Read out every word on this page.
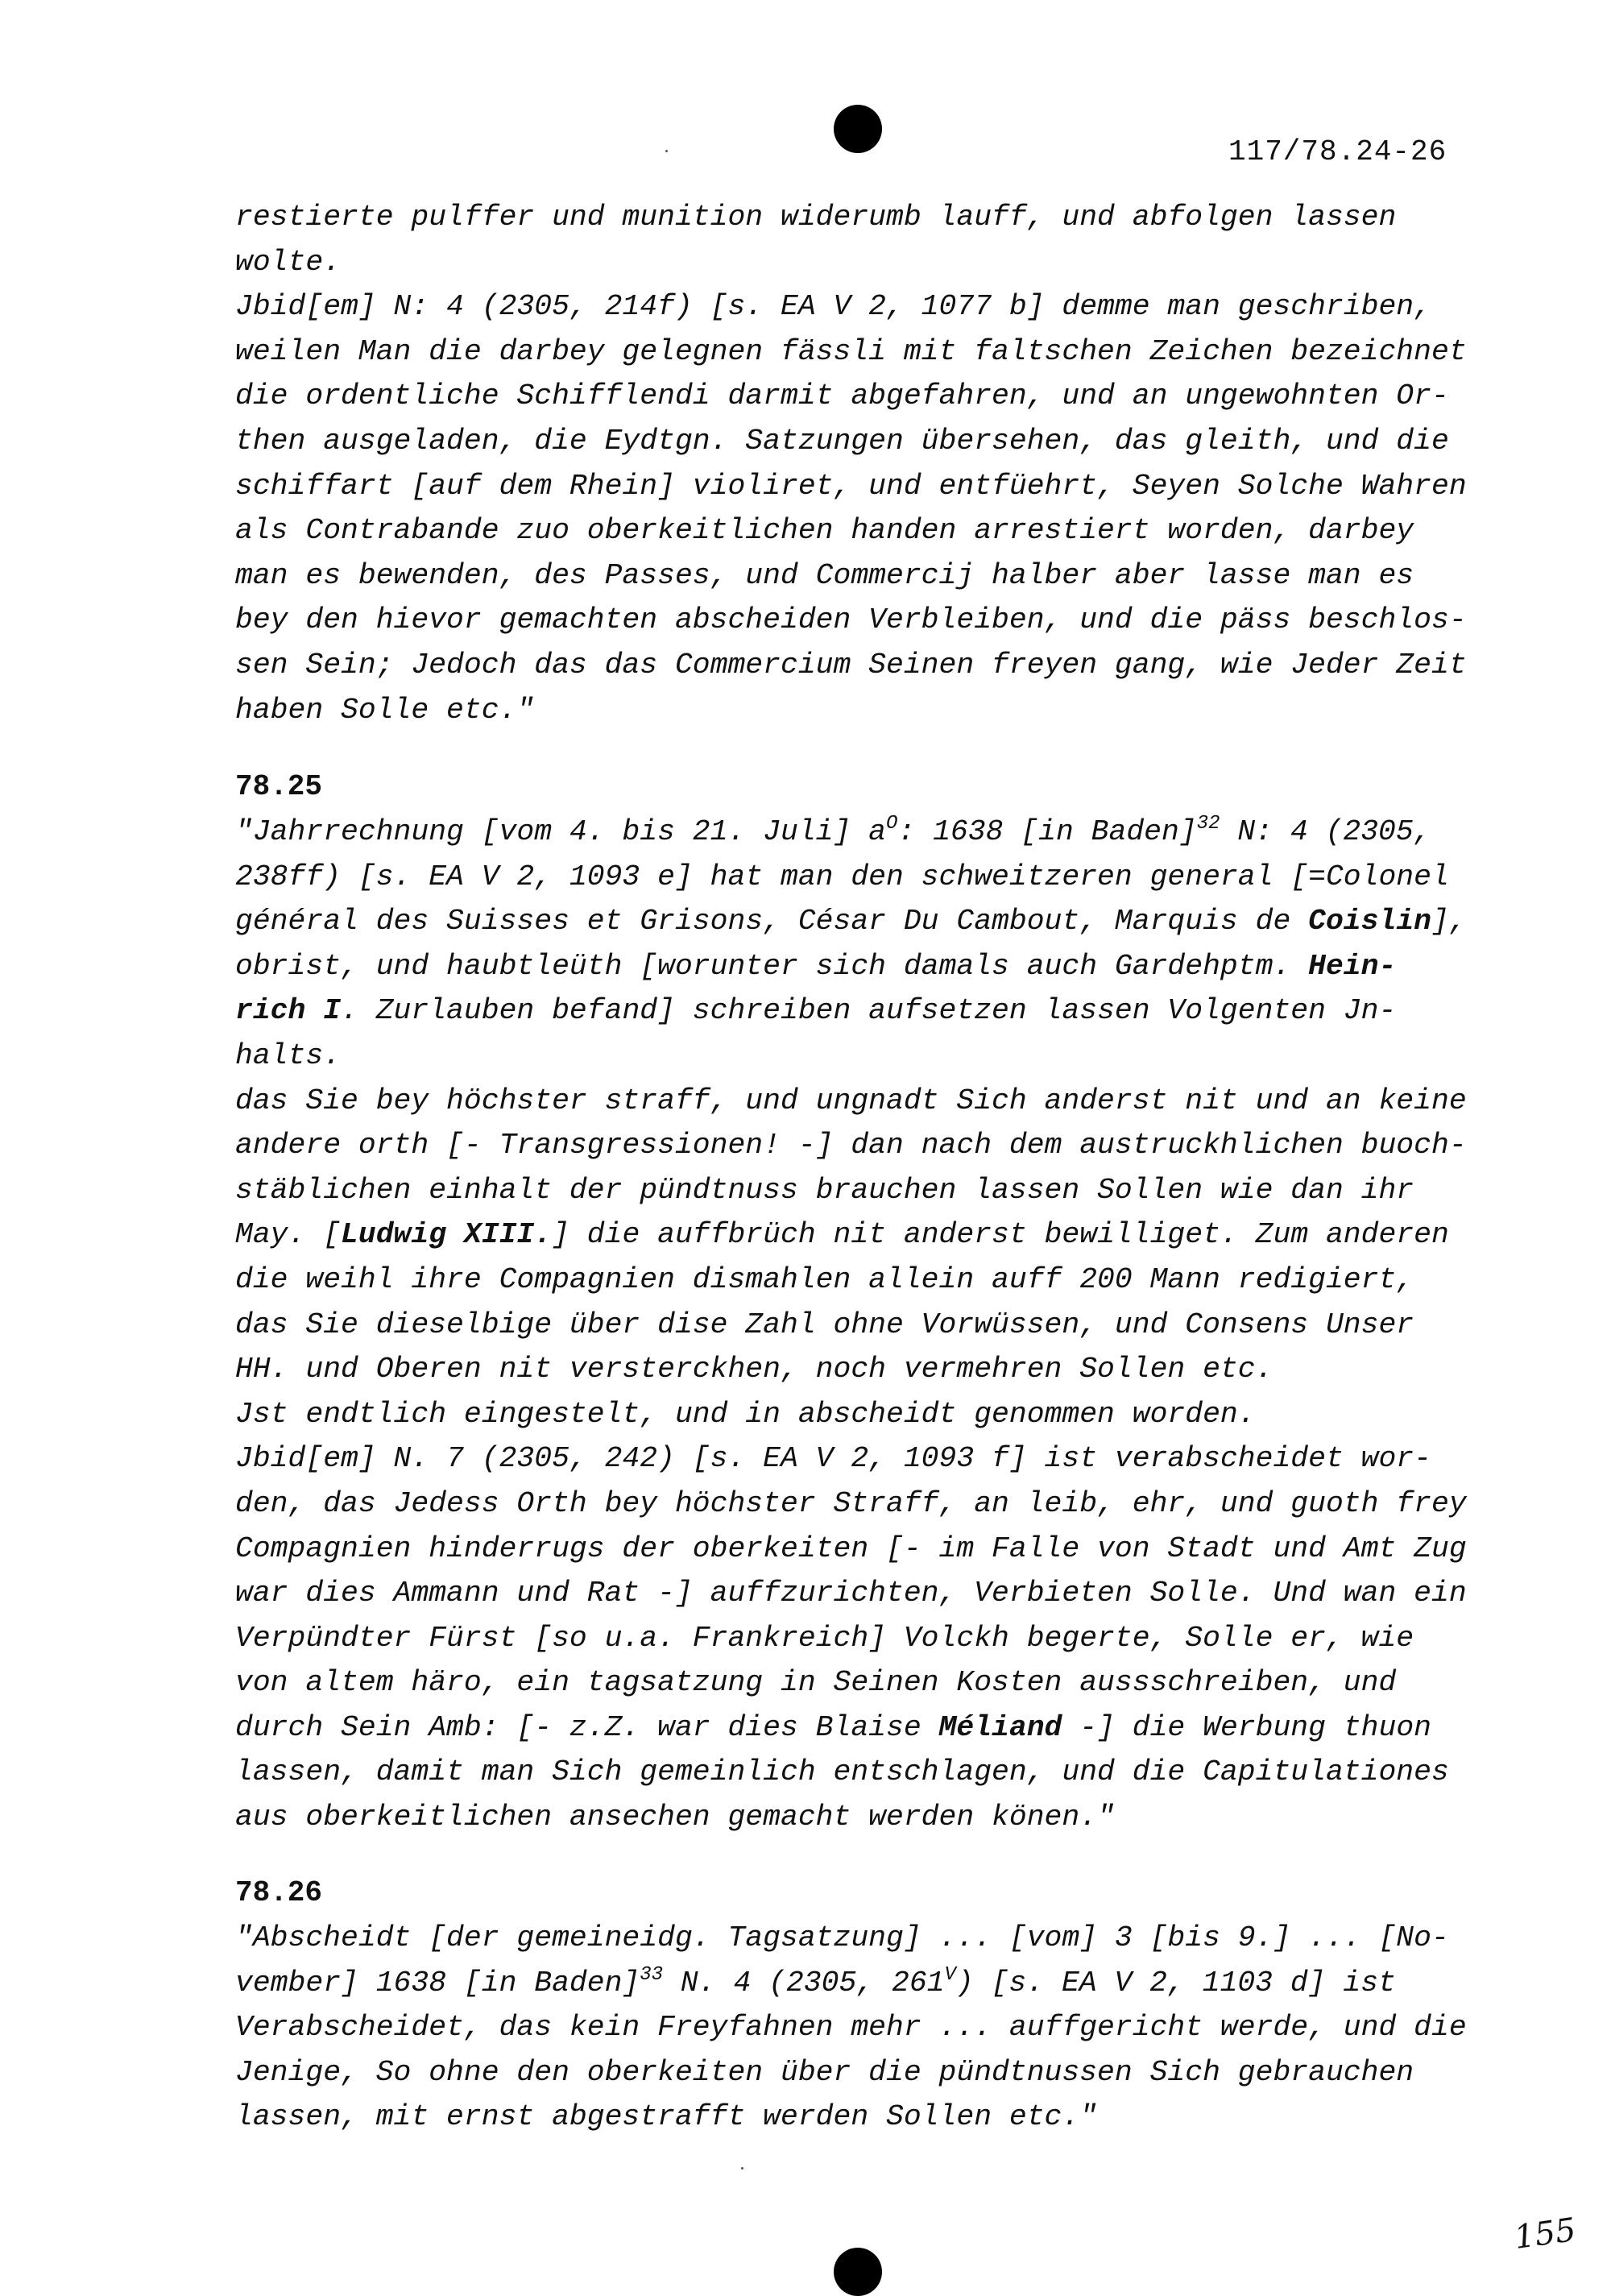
117/78.24-26
restierte pulffer und munition widerumb lauff, und abfolgen lassen
wolte.
Jbid[em] N: 4 (2305, 214f) [s. EA V 2, 1077 b] demme man geschriben,
weilen Man die darbey gelegnen fässli mit faltschen Zeichen bezeichnet
die ordentliche Schifflendi darmit abgefahren, und an ungewohnten Or-
then ausgeladen, die Eydtgn. Satzungen übersehen, das gleith, und die
schiffart [auf dem Rhein] violiret, und entfüehrt, Seyen Solche Wahren
als Contrabande zuo oberkeitlichen handen arrestiert worden, darbey
man es bewenden, des Passes, und Commercij halber aber lasse man es
bey den hievor gemachten abscheiden Verbleiben, und die päss beschlos-
sen Sein; Jedoch das das Commercium Seinen freyen gang, wie Jeder Zeit
haben Solle etc."
78.25
"Jahrrechnung [vom 4. bis 21. Juli] $a^O$: 1638 [in Baden]$^{32}$ N: 4 (2305,
238ff) [s. EA V 2, 1093 e] hat man den schweitzeren general [=Colonel
général des Suisses et Grisons, César Du Cambout, Marquis de Coislin],
obrist, und haubtleüth [worunter sich damals auch Gardehptm. Hein-
rich I. Zurlauben befand] schreiben aufsetzen lassen Volgenten Jn-
halts.
das Sie bey höchster straff, und ungnadt Sich anderst nit und an keine
andere orth [- Transgressionen! -] dan nach dem austruckhlichen buoch-
stäblichen einhalt der pündtnuss brauchen lassen Sollen wie dan ihr
May. [Ludwig XIII.] die auffbrüch nit anderst bewilliget. Zum anderen
die weihl ihre Compagnien dismahlen allein auff 200 Mann redigiert,
das Sie dieselbige über dise Zahl ohne Vorwüssen, und Consens Unser
HH. und Oberen nit versterckhen, noch vermehren Sollen etc.
Jst endtlich eingestelt, und in abscheidt genommen worden.
Jbid[em] N. 7 (2305, 242) [s. EA V 2, 1093 f] ist verabscheidet wor-
den, das Jedess Orth bey höchster Straff, an leib, ehr, und guoth frey
Compagnien hinderrugs der oberkeiten [- im Falle von Stadt und Amt Zug
war dies Ammann und Rat -] auffzurichten, Verbieten Solle. Und wan ein
Verpündter Fürst [so u.a. Frankreich] Volckh begerte, Solle er, wie
von altem häro, ein tagsatzung in Seinen Kosten aussschreiben, und
durch Sein Amb: [- z.Z. war dies Blaise Méliand -] die Werbung thuon
lassen, damit man Sich gemeinlich entschlagen, und die Capitulationes
aus oberkeitlichen ansechen gemacht werden könen."
78.26
"Abscheidt [der gemeineidg. Tagsatzung] ... [vom] 3 [bis 9.] ... [No-
vember] 1638 [in Baden]$^{33}$ N. 4 (2305, $261^V$) [s. EA V 2, 1103 d] ist
Verabscheidet, das kein Freyfahnen mehr ... auffgericht werde, und die
Jenige, So ohne den oberkeiten über die pündtnussen Sich gebrauchen
lassen, mit ernst abgestrafft werden Sollen etc."
155
